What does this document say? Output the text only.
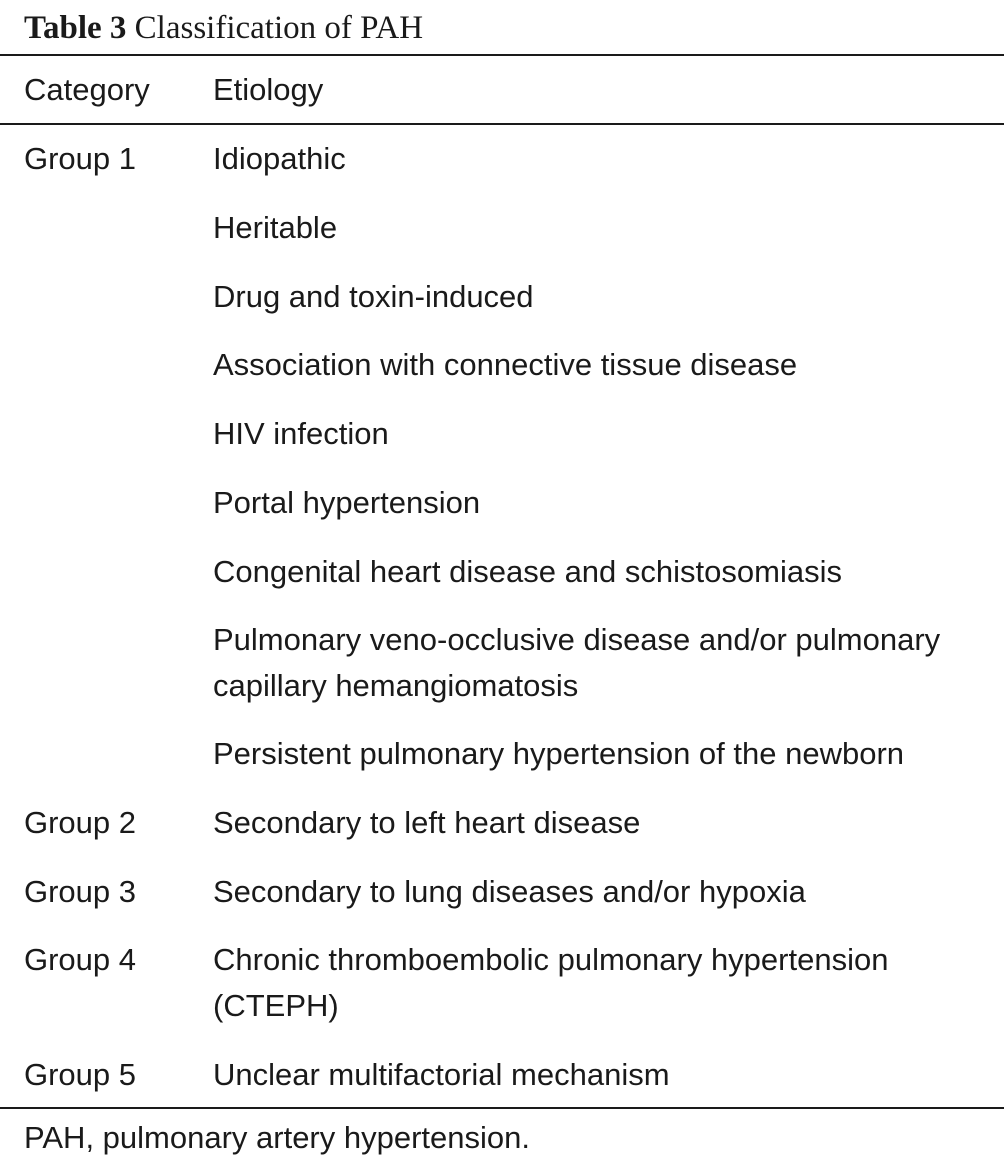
Table 3 Classification of PAH
Category Etiology
Group 1 Idiopathic
Heritable
Drug and toxin-induced
Association with connective tissue disease
HIV infection
Portal hypertension
Congenital heart disease and schistosomiasis
Pulmonary veno-occlusive disease and/or pulmonary capillary hemangiomatosis
Persistent pulmonary hypertension of the newborn
Group 2 Secondary to left heart disease
Group 3 Secondary to lung diseases and/or hypoxia
Group 4 Chronic thromboembolic pulmonary hypertension (CTEPH)
Group 5 Unclear multifactorial mechanism
PAH, pulmonary artery hypertension.
